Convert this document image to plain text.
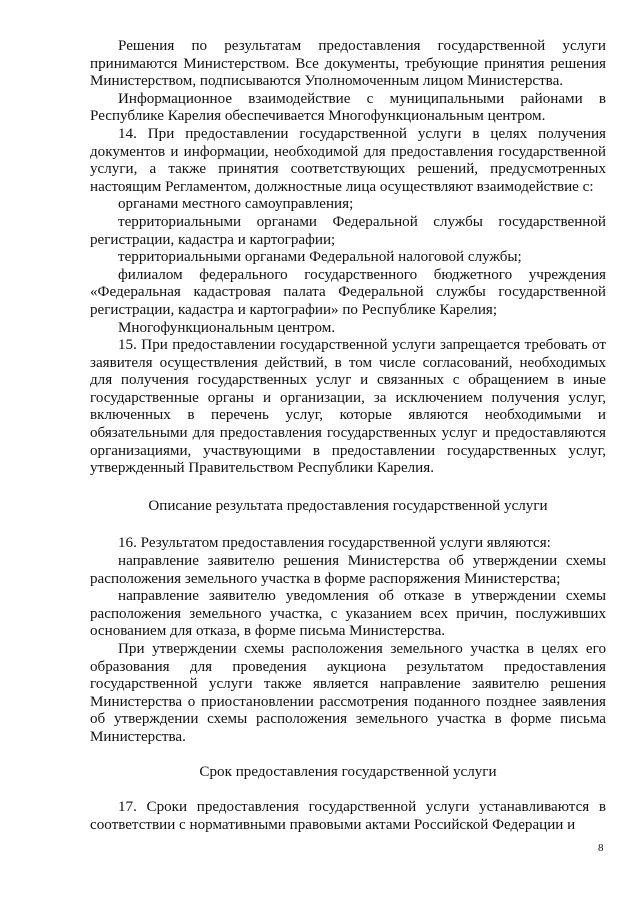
Решения по результатам предоставления государственной услуги принимаются Министерством. Все документы, требующие принятия решения Министерством, подписываются Уполномоченным лицом Министерства.

Информационное взаимодействие с муниципальными районами в Республике Карелия обеспечивается Многофункциональным центром.

14. При предоставлении государственной услуги в целях получения документов и информации, необходимой для предоставления государственной услуги, а также принятия соответствующих решений, предусмотренных настоящим Регламентом, должностные лица осуществляют взаимодействие с:

органами местного самоуправления;

территориальными органами Федеральной службы государственной регистрации, кадастра и картографии;

территориальными органами Федеральной налоговой службы;

филиалом федерального государственного бюджетного учреждения «Федеральная кадастровая палата Федеральной службы государственной регистрации, кадастра и картографии» по Республике Карелия;

Многофункциональным центром.

15. При предоставлении государственной услуги запрещается требовать от заявителя осуществления действий, в том числе согласований, необходимых для получения государственных услуг и связанных с обращением в иные государственные органы и организации, за исключением получения услуг, включенных в перечень услуг, которые являются необходимыми и обязательными для предоставления государственных услуг и предоставляются организациями, участвующими в предоставлении государственных услуг, утвержденный Правительством Республики Карелия.

Описание результата предоставления государственной услуги

16. Результатом предоставления государственной услуги являются:

направление заявителю решения Министерства об утверждении схемы расположения земельного участка в форме распоряжения Министерства;

направление заявителю уведомления об отказе в утверждении схемы расположения земельного участка, с указанием всех причин, послуживших основанием для отказа, в форме письма Министерства.

При утверждении схемы расположения земельного участка в целях его образования для проведения аукциона результатом предоставления государственной услуги также является направление заявителю решения Министерства о приостановлении рассмотрения поданного позднее заявления об утверждении схемы расположения земельного участка в форме письма Министерства.

Срок предоставления государственной услуги

17. Сроки предоставления государственной услуги устанавливаются в соответствии с нормативными правовыми актами Российской Федерации и

8
